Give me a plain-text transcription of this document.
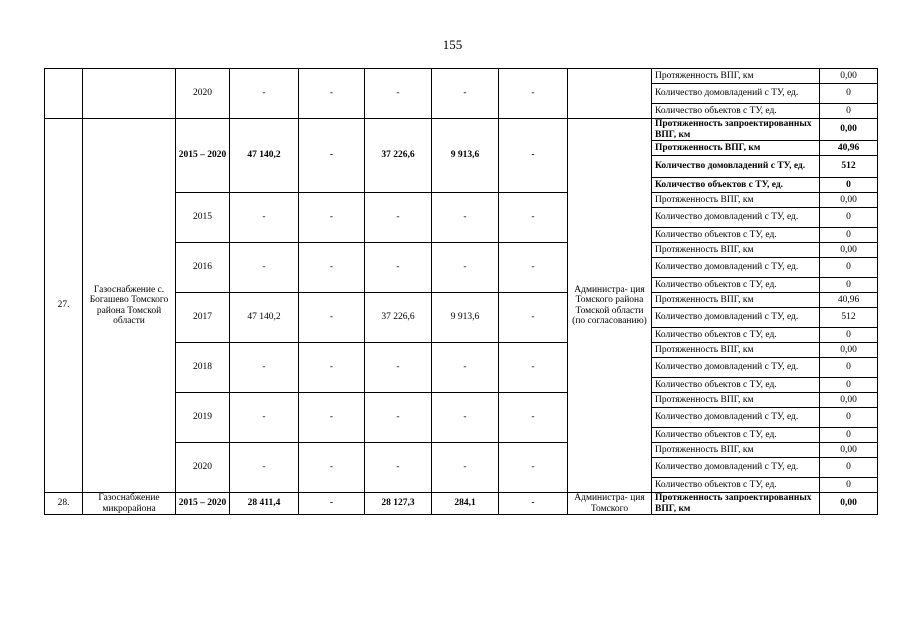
155
		2020	-	-	-	-	-		Протяженность ВПГ, км	0,00
									Количество домовладений с ТУ, ед.	0
									Количество объектов с ТУ, ед.	0
27.	Газоснабжение с. Богашево Томского района Томской области	2015 – 2020	47 140,2	-	37 226,6	9 913,6	-	Администра- ция Томского района Томской области (по согласованию)	Протяженность запроектированных ВПГ, км	0,00
									Протяженность ВПГ, км	40,96
									Количество домовладений с ТУ, ед.	512
									Количество объектов с ТУ, ед.	0
		2015	-	-	-	-	-		Протяженность ВПГ, км	0,00
									Количество домовладений с ТУ, ед.	0
									Количество объектов с ТУ, ед.	0
		2016	-	-	-	-	-		Протяженность ВПГ, км	0,00
									Количество домовладений с ТУ, ед.	0
									Количество объектов с ТУ, ед.	0
		2017	47 140,2	-	37 226,6	9 913,6	-		Протяженность ВПГ, км	40,96
									Количество домовладений с ТУ, ед.	512
									Количество объектов с ТУ, ед.	0
		2018	-	-	-	-	-		Протяженность ВПГ, км	0,00
									Количество домовладений с ТУ, ед.	0
									Количество объектов с ТУ, ед.	0
		2019	-	-	-	-	-		Протяженность ВПГ, км	0,00
									Количество домовладений с ТУ, ед.	0
									Количество объектов с ТУ, ед.	0
		2020	-	-	-	-	-		Протяженность ВПГ, км	0,00
									Количество домовладений с ТУ, ед.	0
									Количество объектов с ТУ, ед.	0
28.	Газоснабжение микрорайона	2015 – 2020	28 411,4	-	28 127,3	284,1	-	Администра- ция Томского	Протяженность запроектированных ВПГ, км	0,00
